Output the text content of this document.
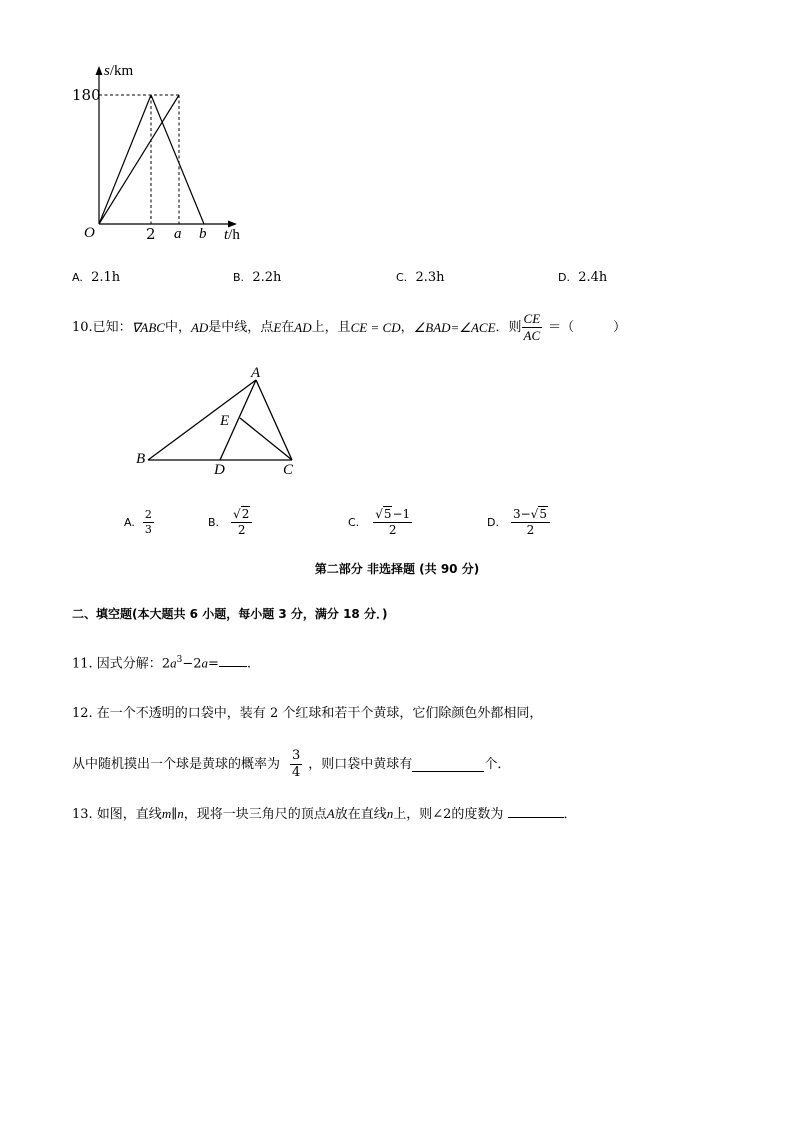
s/km
180
O	2 a b t/h
A. 2.1h	B. 2.2h	C. 2.3h	D. 2.4h
10.已知： ∇ABC 中， AD 是中线，点 E 在 AD 上，且 CE = CD ， ∠BAD=∠ACE ．则 $\frac{CE}{AC}$ ＝（　　　）
A
E
B
D	C
A. $\frac{2}{3}$	B. $\frac{√2}{2}$	C. $\frac{√5-1}{2}$	D. $\frac{3-√5}{2}$
第二部分 非选择题 (共 90 分)
二、填空题(本大题共 6 小题，每小题 3 分，满分 18 分．)
11. 因式分解：$2a^3-2a=$ .
12. 在一个不透明的口袋中，装有 2 个红球和若干个黄球，它们除颜色外都相同，
从中随机摸出一个球是黄球的概率为 $\frac{3}{4}$ ，则口袋中黄球有	个．
13. 如图，直线m∥n，现将一块三角尺的顶点A放在直线n上，则∠2的度数为	．
